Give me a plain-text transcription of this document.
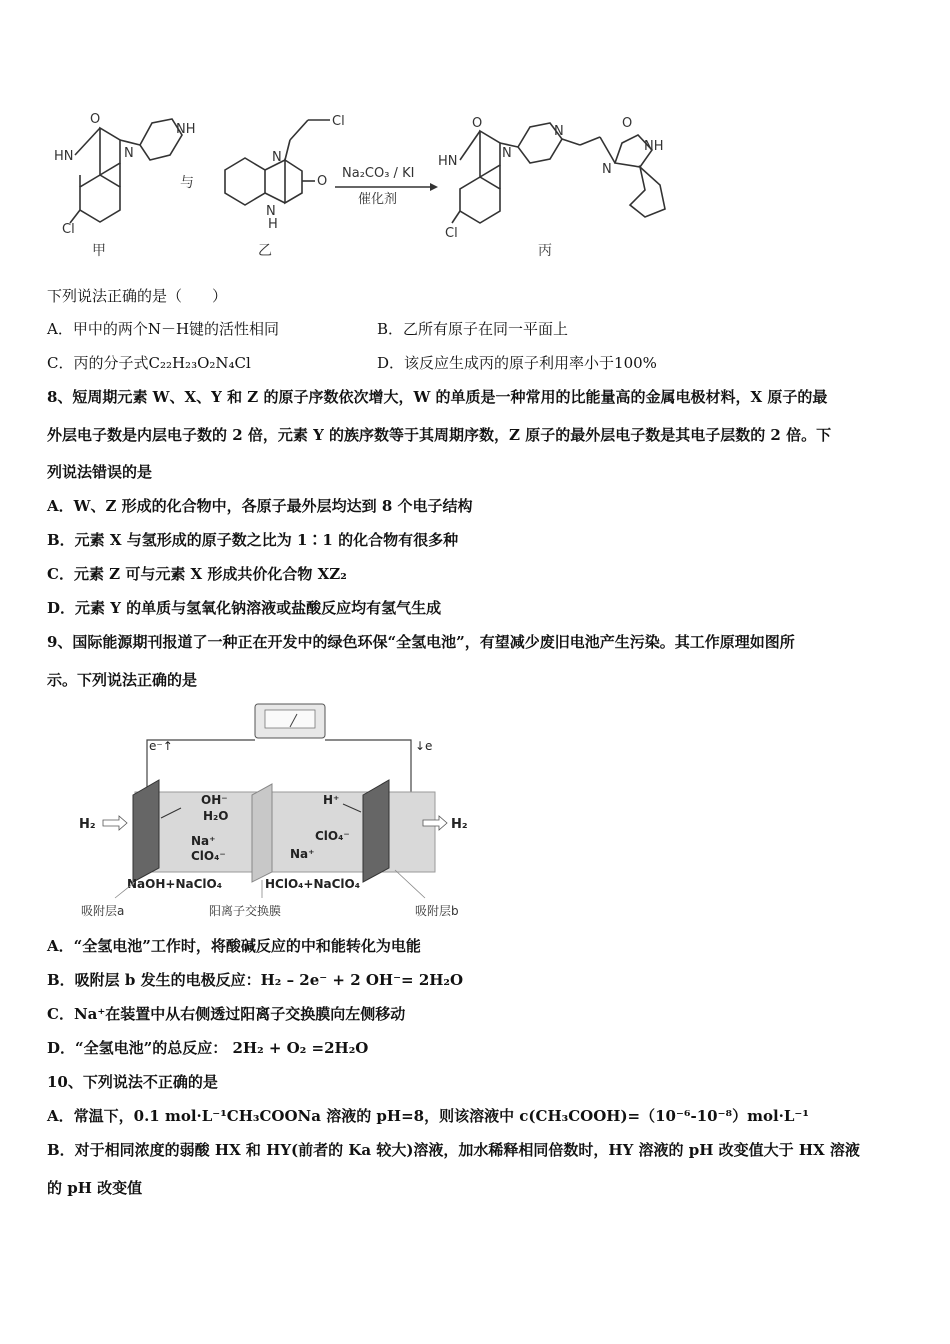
O
HN	N
NH
Cl
甲
与
N
O
N
H
Cl
乙
Na₂CO₃ / KI
催化剂
O
HN
N
N
N
O
NH
Cl
丙
下列说法正确的是（　　）
A．甲中的两个N－H键的活性相同	B．乙所有原子在同一平面上
C．丙的分子式C₂₂H₂₃O₂N₄Cl	D．该反应生成丙的原子利用率小于100%
8、短周期元素 W、X、Y 和 Z 的原子序数依次增大，W 的单质是一种常用的比能量高的金属电极材料，X 原子的最
外层电子数是内层电子数的 2 倍，元素 Y 的族序数等于其周期序数，Z 原子的最外层电子数是其电子层数的 2 倍。下
列说法错误的是
A．W、Z 形成的化合物中，各原子最外层均达到 8 个电子结构
B．元素 X 与氢形成的原子数之比为 1∶1 的化合物有很多种
C．元素 Z 可与元素 X 形成共价化合物 XZ₂
D．元素 Y 的单质与氢氧化钠溶液或盐酸反应均有氢气生成
9、国际能源期刊报道了一种正在开发中的绿色环保“全氢电池”，有望减少废旧电池产生污染。其工作原理如图所
示。下列说法正确的是
e⁻↑	↓e
H₂	H₂
OH⁻
H₂O
Na⁺
ClO₄⁻
H⁺
ClO₄⁻
Na⁺
NaOH+NaClO₄	HClO₄+NaClO₄
吸附层a	阳离子交换膜	吸附层b
A．“全氢电池”工作时，将酸碱反应的中和能转化为电能
B．吸附层 b 发生的电极反应：H₂ – 2e⁻ + 2 OH⁻= 2H₂O
C．Na⁺在装置中从右侧透过阳离子交换膜向左侧移动
D．“全氢电池”的总反应： 2H₂ + O₂ =2H₂O
10、下列说法不正确的是
A．常温下，0.1 mol·L⁻¹CH₃COONa 溶液的 pH=8，则该溶液中 c(CH₃COOH)=（10⁻⁶-10⁻⁸）mol·L⁻¹
B．对于相同浓度的弱酸 HX 和 HY(前者的 Ka 较大)溶液，加水稀释相同倍数时，HY 溶液的 pH 改变值大于 HX 溶液
的 pH 改变值
